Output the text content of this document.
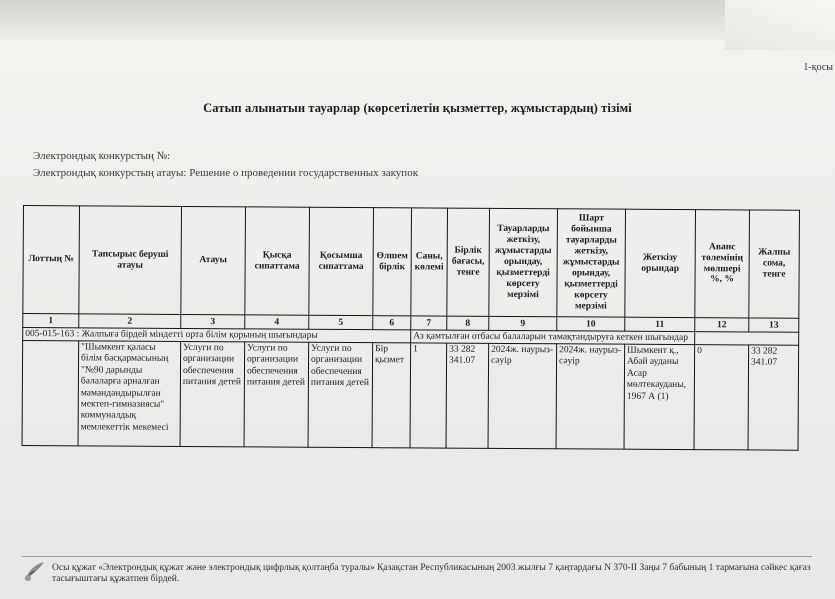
1-қосы
Сатып алынатын тауарлар (көрсетілетін қызметтер, жұмыстардың) тізімі
Электрондық конкурстың №:
Электрондық конкурстың атауы: Решение о проведении государственных закупок
Лоттың №	Тапсырыс беруші атауы	Атауы	Қысқа сипаттама	Қосымша сипаттама	Өлшем бірлік	Саны, көлемі	Бірлік бағасы, тенге	Тауарларды жеткізу, жұмыстарды орындау, қызметтерді көрсету мерзімі	Шарт бойынша тауарларды жеткізу, жұмыстарды орындау, қызметтерді көрсету мерзімі	Жеткізу орындар	Аванс төлемінің мөлшері %, %	Жалпы сома, тенге
1	2	3	4	5	6	7	8	9	10	11	12	13
005-015-163 : Жалпыға бірдей міндетті орта білім қорының шығындары						Аз қамтылған отбасы балаларын тамақтандыруға кеткен шығындар						
	"Шымкент қаласы білім басқармасының "№90 дарынды балаларға арналған мамандандырылған мектеп-гимназиясы" коммуналдық мемлекеттік мекемесі	Услуги по организации обеспечения питания детей	Услуги по организации обеспечения питания детей	Услуги по организации обеспечения питания детей	Бір қызмет	1	33 282 341.07	2024ж. наурыз-сәуір	2024ж. наурыз-сәуір	Шымкент қ., Абай ауданы Асар мөлтекауданы, 1967 А (1)	0	33 282 341.07
Осы құжат «Электрондық құжат және электрондық цифрлық қолтаңба туралы» Қазақстан Республикасының 2003 жылғы 7 қаңтардағы N 370-II Заңы 7 бабының 1 тармағына сәйкес қағаз тасығыштағы құжатпен бірдей.
